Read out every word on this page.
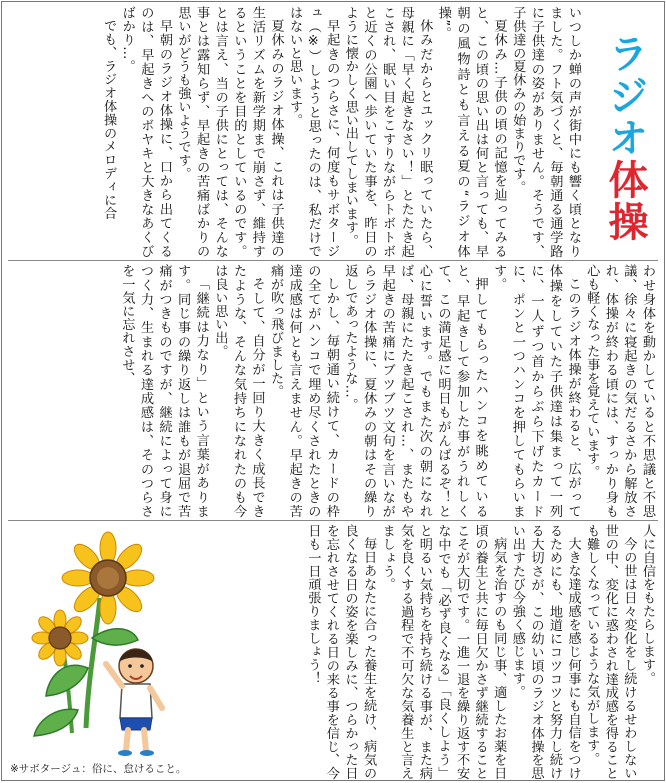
ラジオ体操

いつしか蝉の声が街中にも響く頃となりました。フト気づくと、毎朝通る通学路に子供達の姿がありません。そうです、子供達の夏休みの始まりです。

夏休み…子供の頃の記憶を辿ってみると、この頃の思い出は何と言っても、早朝の風物詩とも言える夏の“ラジオ体操”。

休みだからとユックリ眠っていたら、母親に「早く起きなさい！」とたたき起こされ、眠い目をこすりながらトボトボと近くの公園へ歩いていた事を、昨日のように懐かしく思い出してしまいます。

早起きのつらさに、何度もサボタージュ（※）しようと思ったのは、私だけではないと思います。

夏休みのラジオ体操、これは子供達の生活リズムを新学期まで崩さず、維持するということを目的としているのです。とは言え、当の子供にとっては、そんな事とは露知らず、早起きの苦痛ばかりの思いがどうも強いようです。

早朝のラジオ体操に、口から出てくるのは、早起きへのボヤキと大きなあくびばかり…。

でも、ラジオ体操のメロディに合

わせ身体を動かしていると不思議と不思議、徐々に寝起きの気だるさから解放され、体操が終わる頃には、すっかり身も心も軽くなった事を覚えています。

このラジオ体操が終わると、広がって体操をしていた子供達は集まって一列に、一人ずつ首からぶら下げたカードに、ポンと一つハンコを押してもらいます。

押してもらったハンコを眺めていると、早起きして参加した事がうれしくて、この満足感に明日もがんばるぞ！と心に誓います。でもまた次の朝になれば、母親にたたき起こされ…、またもや早起きの苦痛にブツブツ文句を言いながらラジオ体操に、夏休みの朝はその繰り返しであったような…。

しかし、毎朝通い続けて、カードの枠の全てがハンコで埋め尽くされたときの達成感は何とも言えません。早起きの苦痛が吹っ飛びました。

そして、自分が一回り大きく成長できたような、そんな気持ちになれたのも今は良い思い出。

「継続は力なり」という言葉があります。同じ事の繰り返しは誰もが退屈で苦痛がつきものですが、継続によって身につく力、生まれる達成感は、そのつらさを一気に忘れさせ、

人に自信をもたらします。

今の世は日々変化をし続けるせわしない世の中、変化に惑わされ達成感を得ることも難しくなっているような気がします。

大きな達成感を感じ何事にも自信をつけるためにも、地道にコツコツと努力し続ける大切さが、この幼い頃のラジオ体操を思い出すたび今強く感じます。

病気を治すのも同じ事、適したお薬を日頃の養生と共に毎日欠かさず継続することこそが大切です。一進一退を繰り返す不安な中でも「必ず良くなる」「良くしよう」と明るい気持ちを持ち続ける事が、また病気を良くする過程で不可欠な気養生と言えましょう。

毎日あなたに合った養生を続け、病気の良くなる日の姿を楽しみに、つらかった日を忘れさせてくれる日の来る事を信じ、今日も一日頑張りましょう！

※サボタージュ：俗に、怠けること。
